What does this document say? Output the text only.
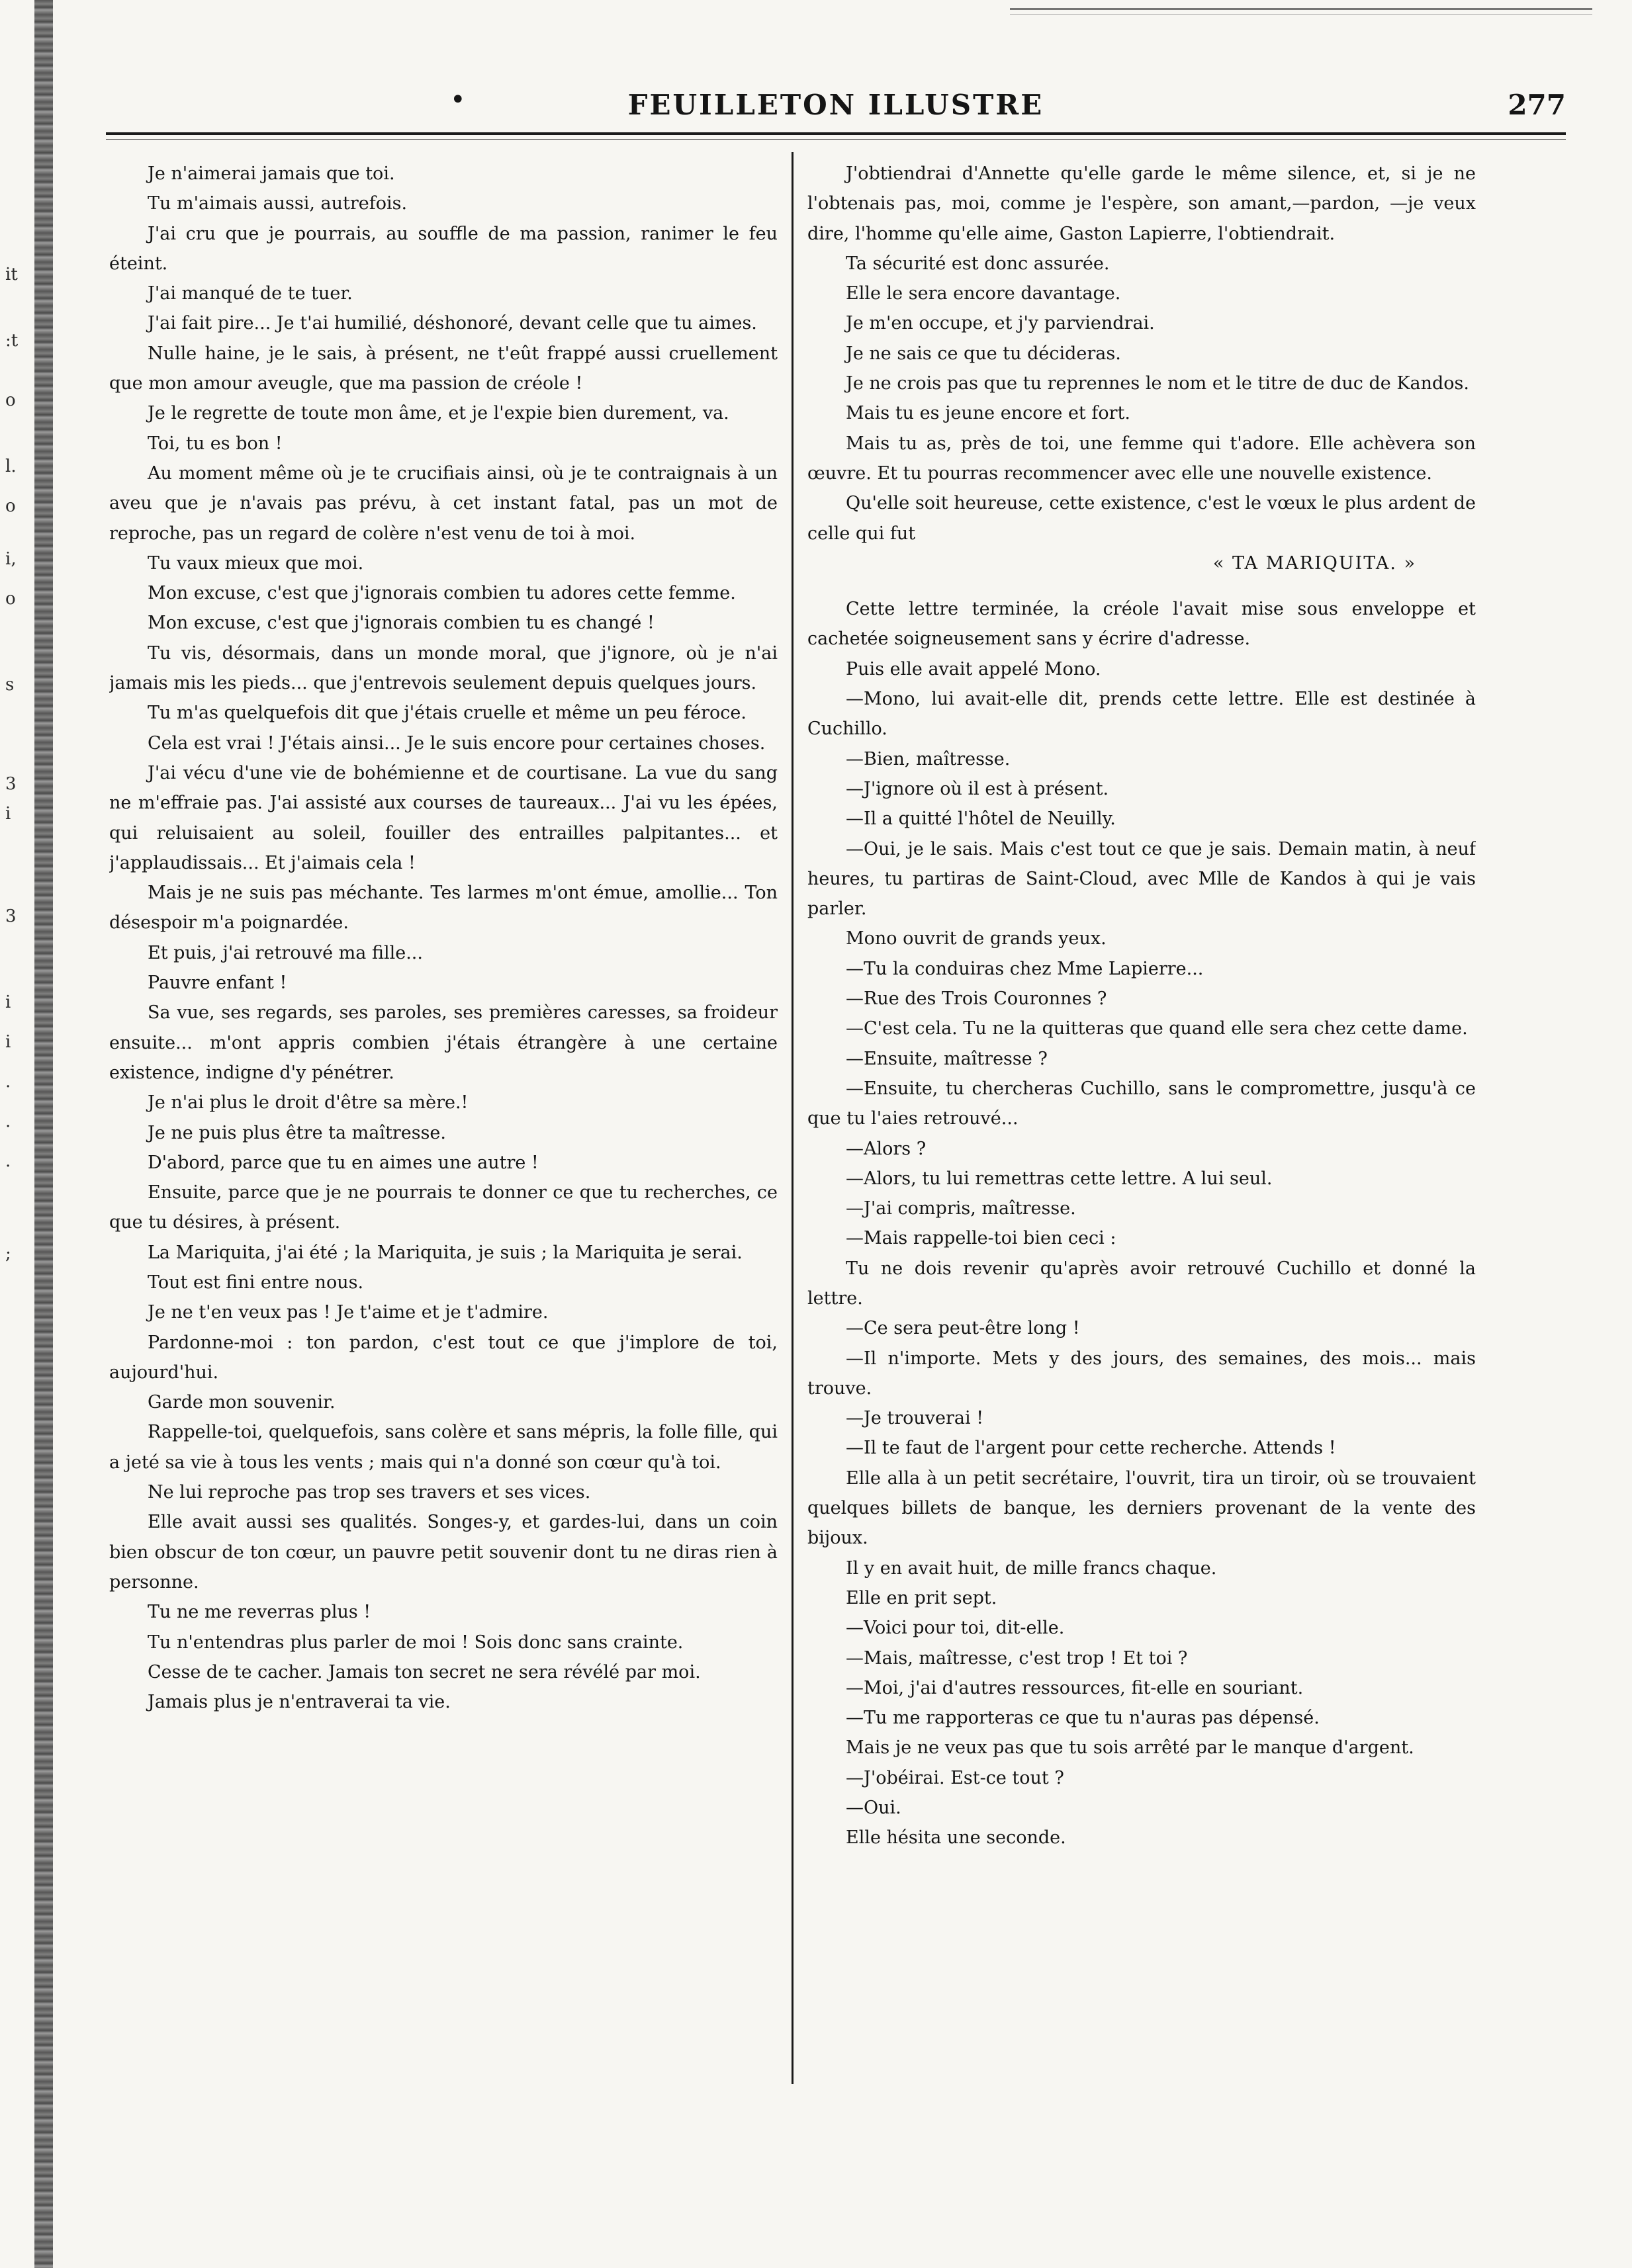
it
:t
o
l.
o
i,
o
s
3
i
3
i
i
.
.
.
;
•	FEUILLETON ILLUSTRE	277

Je n'aimerai jamais que toi.

Tu m'aimais aussi, autrefois.

J'ai cru que je pourrais, au souffle de ma passion, ranimer le feu éteint.

J'ai manqué de te tuer.

J'ai fait pire... Je t'ai humilié, déshonoré, devant celle que tu aimes.

Nulle haine, je le sais, à présent, ne t'eût frappé aussi cruellement que mon amour aveugle, que ma passion de créole !

Je le regrette de toute mon âme, et je l'expie bien durement, va.

Toi, tu es bon !

Au moment même où je te crucifiais ainsi, où je te contraignais à un aveu que je n'avais pas prévu, à cet instant fatal, pas un mot de reproche, pas un regard de colère n'est venu de toi à moi.

Tu vaux mieux que moi.

Mon excuse, c'est que j'ignorais combien tu adores cette femme.

Mon excuse, c'est que j'ignorais combien tu es changé !

Tu vis, désormais, dans un monde moral, que j'ignore, où je n'ai jamais mis les pieds... que j'entrevois seulement depuis quelques jours.

Tu m'as quelquefois dit que j'étais cruelle et même un peu féroce.

Cela est vrai ! J'étais ainsi... Je le suis encore pour certaines choses.

J'ai vécu d'une vie de bohémienne et de courtisane. La vue du sang ne m'effraie pas. J'ai assisté aux courses de taureaux... J'ai vu les épées, qui reluisaient au soleil, fouiller des entrailles palpitantes... et j'applaudissais... Et j'aimais cela !

Mais je ne suis pas méchante. Tes larmes m'ont émue, amollie... Ton désespoir m'a poignardée.

Et puis, j'ai retrouvé ma fille...

Pauvre enfant !

Sa vue, ses regards, ses paroles, ses premières caresses, sa froideur ensuite... m'ont appris combien j'étais étrangère à une certaine existence, indigne d'y pénétrer.

Je n'ai plus le droit d'être sa mère.!

Je ne puis plus être ta maîtresse.

D'abord, parce que tu en aimes une autre !

Ensuite, parce que je ne pourrais te donner ce que tu recherches, ce que tu désires, à présent.

La Mariquita, j'ai été ; la Mariquita, je suis ; la Mariquita je serai.

Tout est fini entre nous.

Je ne t'en veux pas ! Je t'aime et je t'admire.

Pardonne-moi : ton pardon, c'est tout ce que j'implore de toi, aujourd'hui.

Garde mon souvenir.

Rappelle-toi, quelquefois, sans colère et sans mépris, la folle fille, qui a jeté sa vie à tous les vents ; mais qui n'a donné son cœur qu'à toi.

Ne lui reproche pas trop ses travers et ses vices.

Elle avait aussi ses qualités. Songes-y, et gardes-lui, dans un coin bien obscur de ton cœur, un pauvre petit souvenir dont tu ne diras rien à personne.

Tu ne me reverras plus !

Tu n'entendras plus parler de moi ! Sois donc sans crainte.

Cesse de te cacher. Jamais ton secret ne sera révélé par moi.

Jamais plus je n'entraverai ta vie.

J'obtiendrai d'Annette qu'elle garde le même silence, et, si je ne l'obtenais pas, moi, comme je l'espère, son amant,—pardon, —je veux dire, l'homme qu'elle aime, Gaston Lapierre, l'obtiendrait.

Ta sécurité est donc assurée.

Elle le sera encore davantage.

Je m'en occupe, et j'y parviendrai.

Je ne sais ce que tu décideras.

Je ne crois pas que tu reprennes le nom et le titre de duc de Kandos.

Mais tu es jeune encore et fort.

Mais tu as, près de toi, une femme qui t'adore. Elle achèvera son œuvre. Et tu pourras recommencer avec elle une nouvelle existence.

Qu'elle soit heureuse, cette existence, c'est le vœux le plus ardent de celle qui fut

« TA MARIQUITA. »

Cette lettre terminée, la créole l'avait mise sous enveloppe et cachetée soigneusement sans y écrire d'adresse.

Puis elle avait appelé Mono.

—Mono, lui avait-elle dit, prends cette lettre. Elle est destinée à Cuchillo.

—Bien, maîtresse.

—J'ignore où il est à présent.

—Il a quitté l'hôtel de Neuilly.

—Oui, je le sais. Mais c'est tout ce que je sais. Demain matin, à neuf heures, tu partiras de Saint-Cloud, avec Mlle de Kandos à qui je vais parler.

Mono ouvrit de grands yeux.

—Tu la conduiras chez Mme Lapierre...

—Rue des Trois Couronnes ?

—C'est cela. Tu ne la quitteras que quand elle sera chez cette dame.

—Ensuite, maîtresse ?

—Ensuite, tu chercheras Cuchillo, sans le compromettre, jusqu'à ce que tu l'aies retrouvé...

—Alors ?

—Alors, tu lui remettras cette lettre. A lui seul.

—J'ai compris, maîtresse.

—Mais rappelle-toi bien ceci :

Tu ne dois revenir qu'après avoir retrouvé Cuchillo et donné la lettre.

—Ce sera peut-être long !

—Il n'importe. Mets y des jours, des semaines, des mois... mais trouve.

—Je trouverai !

—Il te faut de l'argent pour cette recherche. Attends !

Elle alla à un petit secrétaire, l'ouvrit, tira un tiroir, où se trouvaient quelques billets de banque, les derniers provenant de la vente des bijoux.

Il y en avait huit, de mille francs chaque.

Elle en prit sept.

—Voici pour toi, dit-elle.

—Mais, maîtresse, c'est trop ! Et toi ?

—Moi, j'ai d'autres ressources, fit-elle en souriant.

—Tu me rapporteras ce que tu n'auras pas dépensé.

Mais je ne veux pas que tu sois arrêté par le manque d'argent.

—J'obéirai. Est-ce tout ?

—Oui.

Elle hésita une seconde.
